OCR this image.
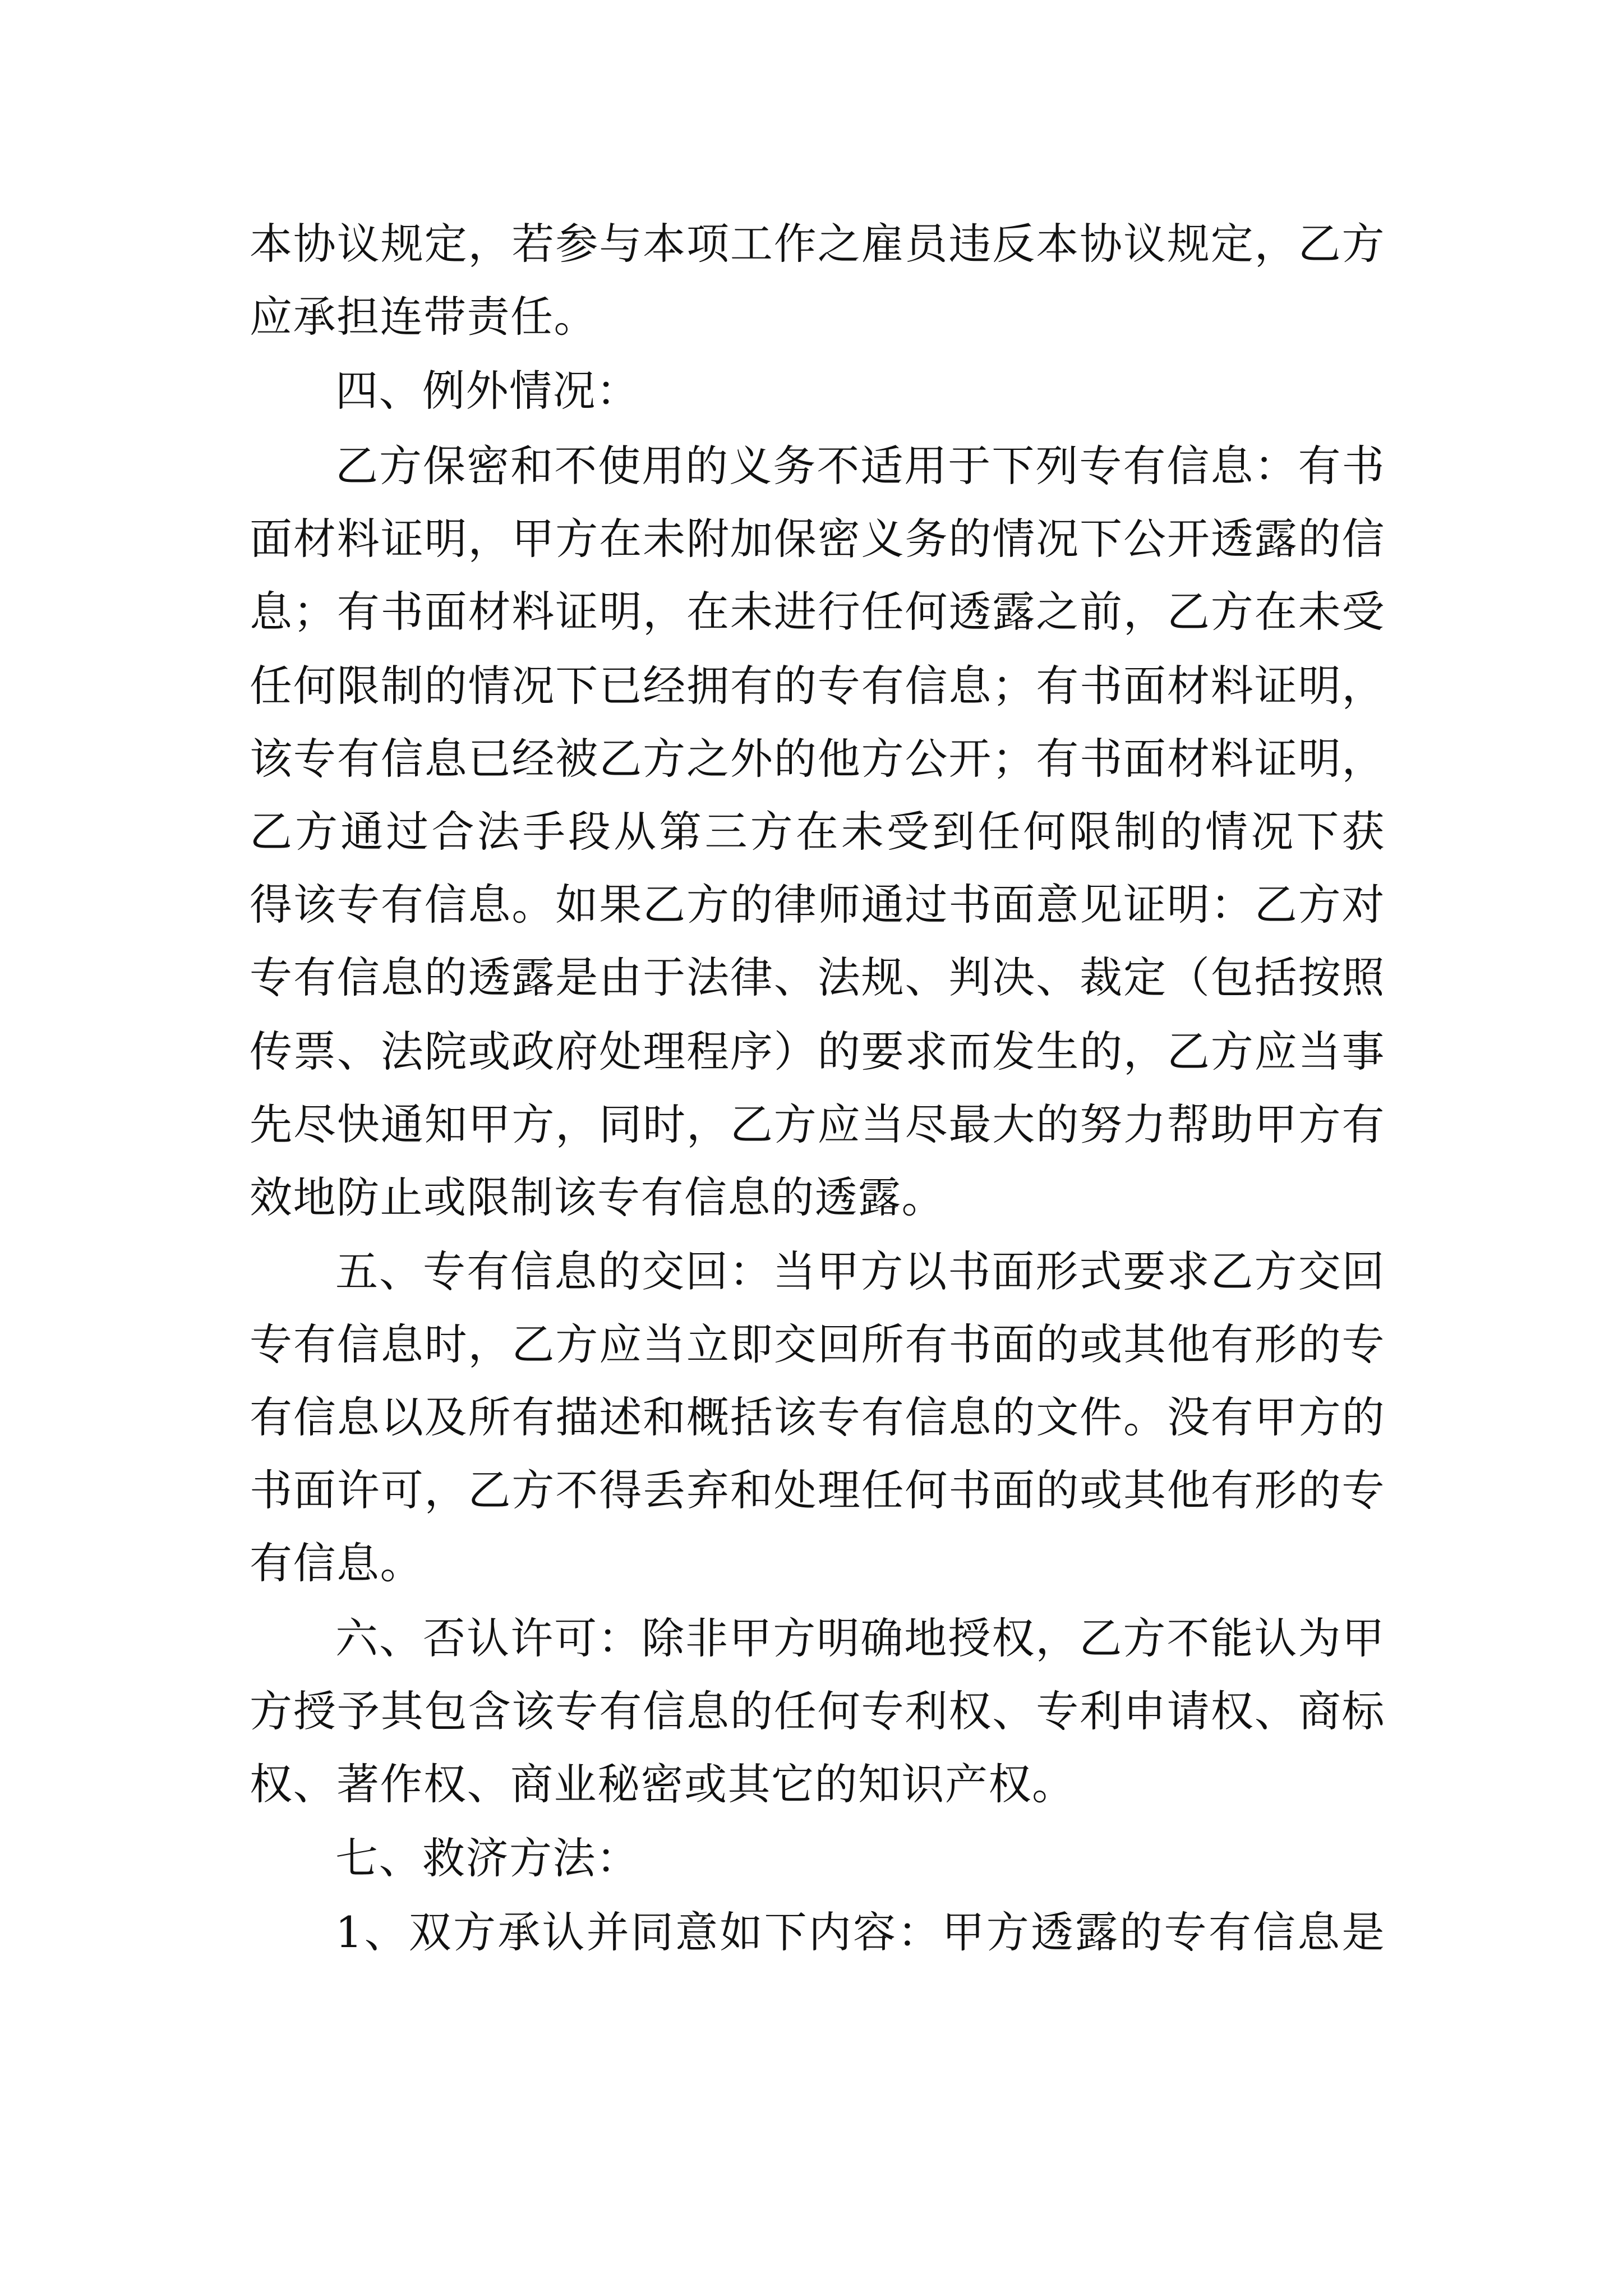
本协议规定，若参与本项工作之雇员违反本协议规定，乙方
应承担连带责任。
四、例外情况：
乙方保密和不使用的义务不适用于下列专有信息：有书
面材料证明，甲方在未附加保密义务的情况下公开透露的信
息；有书面材料证明，在未进行任何透露之前，乙方在未受
任何限制的情况下已经拥有的专有信息；有书面材料证明，
该专有信息已经被乙方之外的他方公开；有书面材料证明，
乙方通过合法手段从第三方在未受到任何限制的情况下获
得该专有信息。如果乙方的律师通过书面意见证明：乙方对
专有信息的透露是由于法律、法规、判决、裁定（包括按照
传票、法院或政府处理程序）的要求而发生的，乙方应当事
先尽快通知甲方，同时，乙方应当尽最大的努力帮助甲方有
效地防止或限制该专有信息的透露。
五、专有信息的交回：当甲方以书面形式要求乙方交回
专有信息时，乙方应当立即交回所有书面的或其他有形的专
有信息以及所有描述和概括该专有信息的文件。没有甲方的
书面许可，乙方不得丢弃和处理任何书面的或其他有形的专
有信息。
六、否认许可：除非甲方明确地授权，乙方不能认为甲
方授予其包含该专有信息的任何专利权、专利申请权、商标
权、著作权、商业秘密或其它的知识产权。
七、救济方法：
1、双方承认并同意如下内容：甲方透露的专有信息是
